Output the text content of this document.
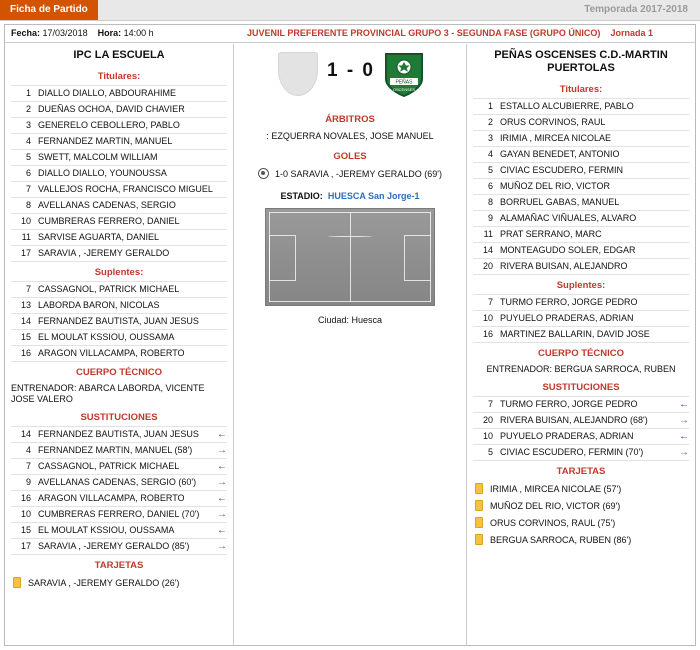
Ficha de Partido	Temporada 2017-2018
Fecha: 17/03/2018 Hora: 14:00 h	JUVENIL PREFERENTE PROVINCIAL GRUPO 3 - SEGUNDA FASE (GRUPO ÚNICO) Jornada 1
IPC LA ESCUELA
Titulares:
1 DIALLO DIALLO, ABDOURAHIME
2 DUEÑAS OCHOA, DAVID CHAVIER
3 GENERELO CEBOLLERO, PABLO
4 FERNANDEZ MARTIN, MANUEL
5 SWETT, MALCOLM WILLIAM
6 DIALLO DIALLO, YOUNOUSSA
7 VALLEJOS ROCHA, FRANCISCO MIGUEL
8 AVELLANAS CADENAS, SERGIO
10 CUMBRERAS FERRERO, DANIEL
11 SARVISE AGUARTA, DANIEL
17 SARAVIA , -JEREMY GERALDO
Suplentes:
7 CASSAGNOL, PATRICK MICHAEL
13 LABORDA BARON, NICOLAS
14 FERNANDEZ BAUTISTA, JUAN JESUS
15 EL MOULAT KSSIOU, OUSSAMA
16 ARAGON VILLACAMPA, ROBERTO
CUERPO TÉCNICO
ENTRENADOR: ABARCA LABORDA, VICENTE JOSE VALERO
SUSTITUCIONES
14 FERNANDEZ BAUTISTA, JUAN JESUS	←
4 FERNANDEZ MARTIN, MANUEL (58')	→
7 CASSAGNOL, PATRICK MICHAEL	←
9 AVELLANAS CADENAS, SERGIO (60')	→
16 ARAGON VILLACAMPA, ROBERTO	←
10 CUMBRERAS FERRERO, DANIEL (70')	→
15 EL MOULAT KSSIOU, OUSSAMA	←
17 SARAVIA , -JEREMY GERALDO (85')	→
TARJETAS
SARAVIA , -JEREMY GERALDO (26')
1 - 0
PEÑAS
OSCENSES
ÁRBITROS
: EZQUERRA NOVALES, JOSE MANUEL
GOLES
1-0 SARAVIA , -JEREMY GERALDO (69')
ESTADIO: HUESCA San Jorge-1
Ciudad: Huesca
PEÑAS OSCENSES C.D.-MARTIN PUERTOLAS
Titulares:
1 ESTALLO ALCUBIERRE, PABLO
2 ORUS CORVINOS, RAUL
3 IRIMIA , MIRCEA NICOLAE
4 GAYAN BENEDET, ANTONIO
5 CIVIAC ESCUDERO, FERMIN
6 MUÑOZ DEL RIO, VICTOR
8 BORRUEL GABAS, MANUEL
9 ALAMAÑAC VIÑUALES, ALVARO
11 PRAT SERRANO, MARC
14 MONTEAGUDO SOLER, EDGAR
20 RIVERA BUISAN, ALEJANDRO
Suplentes:
7 TURMO FERRO, JORGE PEDRO
10 PUYUELO PRADERAS, ADRIAN
16 MARTINEZ BALLARIN, DAVID JOSE
CUERPO TÉCNICO
ENTRENADOR: BERGUA SARROCA, RUBEN
SUSTITUCIONES
7 TURMO FERRO, JORGE PEDRO	←
20 RIVERA BUISAN, ALEJANDRO (68')	→
10 PUYUELO PRADERAS, ADRIAN	←
5 CIVIAC ESCUDERO, FERMIN (70')	→
TARJETAS
IRIMIA , MIRCEA NICOLAE (57')
MUÑOZ DEL RIO, VICTOR (69')
ORUS CORVINOS, RAUL (75')
BERGUA SARROCA, RUBEN (86')
